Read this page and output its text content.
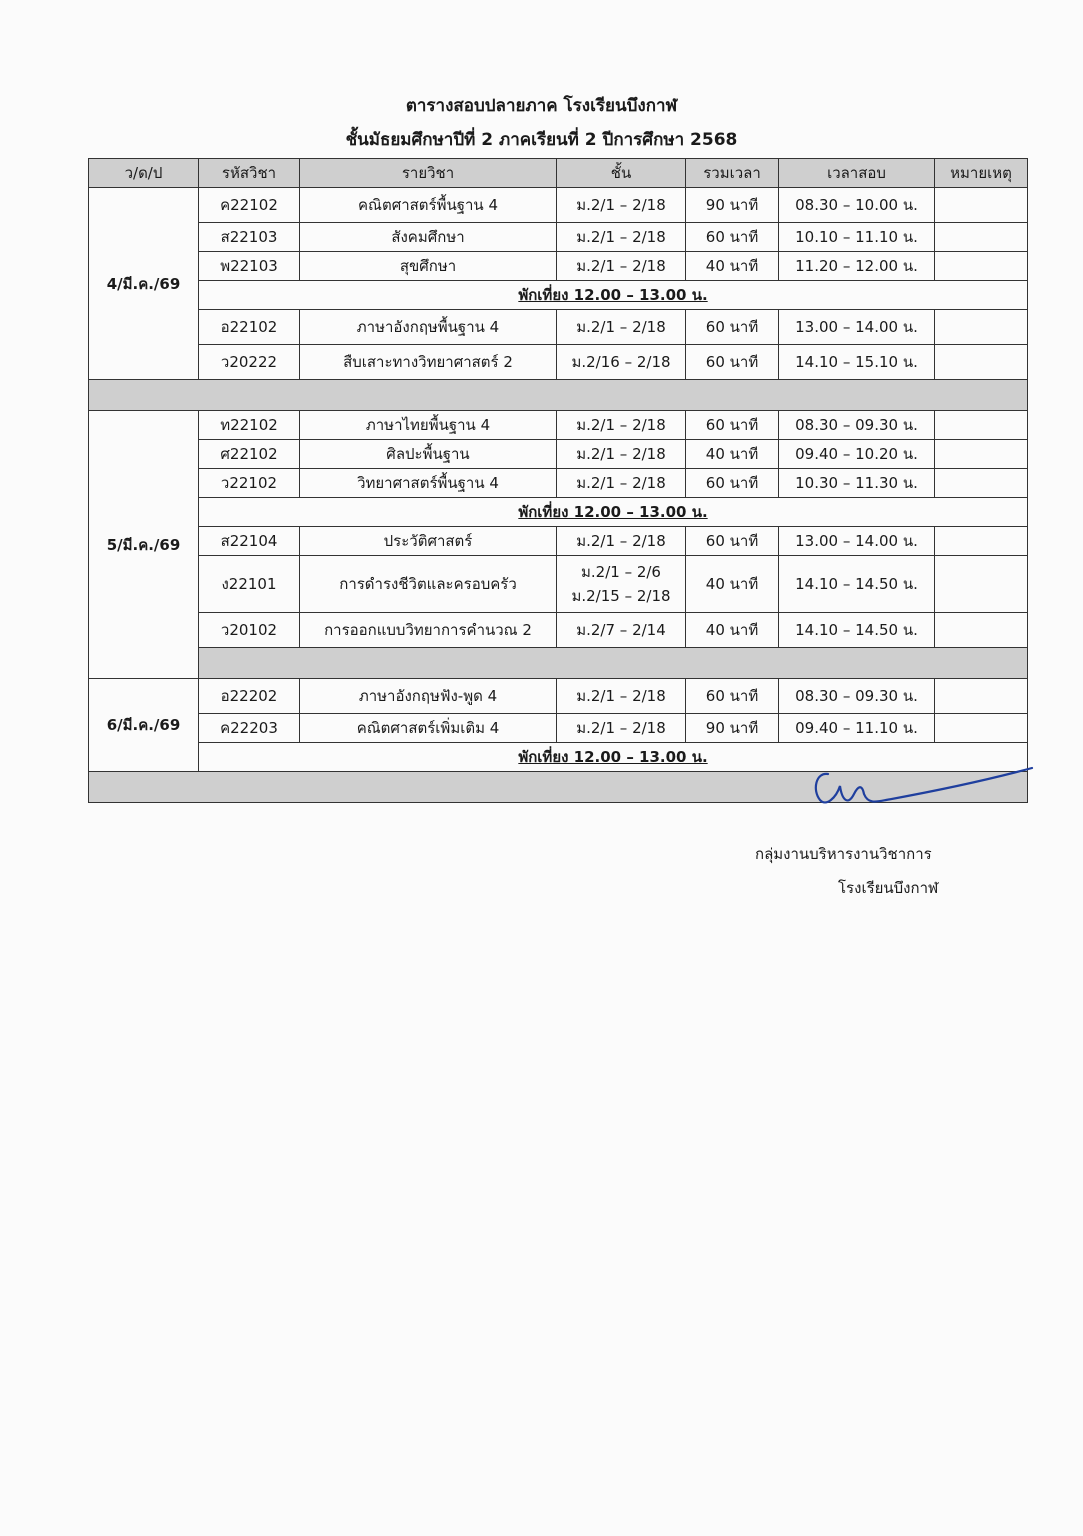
ตารางสอบปลายภาค โรงเรียนบึงกาฬ
ชั้นมัธยมศึกษาปีที่ 2 ภาคเรียนที่ 2 ปีการศึกษา 2568
ว/ด/ป	รหัสวิชา	รายวิชา	ชั้น	รวมเวลา	เวลาสอบ	หมายเหตุ
4/มี.ค./69	ค22102	คณิตศาสตร์พื้นฐาน 4	ม.2/1 – 2/18	90 นาที	08.30 – 10.00 น.	
	ส22103	สังคมศึกษา	ม.2/1 – 2/18	60 นาที	10.10 – 11.10 น.	
	พ22103	สุขศึกษา	ม.2/1 – 2/18	40 นาที	11.20 – 12.00 น.	
	พักเที่ยง 12.00 – 13.00 น.					
	อ22102	ภาษาอังกฤษพื้นฐาน 4	ม.2/1 – 2/18	60 นาที	13.00 – 14.00 น.	
	ว20222	สืบเสาะทางวิทยาศาสตร์ 2	ม.2/16 – 2/18	60 นาที	14.10 – 15.10 น.	

5/มี.ค./69	ท22102	ภาษาไทยพื้นฐาน 4	ม.2/1 – 2/18	60 นาที	08.30 – 09.30 น.	
	ศ22102	ศิลปะพื้นฐาน	ม.2/1 – 2/18	40 นาที	09.40 – 10.20 น.	
	ว22102	วิทยาศาสตร์พื้นฐาน 4	ม.2/1 – 2/18	60 นาที	10.30 – 11.30 น.	
	พักเที่ยง 12.00 – 13.00 น.					
	ส22104	ประวัติศาสตร์	ม.2/1 – 2/18	60 นาที	13.00 – 14.00 น.	
	ง22101	การดำรงชีวิตและครอบครัว	ม.2/1 – 2/6
ม.2/15 – 2/18	40 นาที	14.10 – 14.50 น.	
	ว20102	การออกแบบวิทยาการคำนวณ 2	ม.2/7 – 2/14	40 นาที	14.10 – 14.50 น.	

6/มี.ค./69	อ22202	ภาษาอังกฤษฟัง-พูด 4	ม.2/1 – 2/18	60 นาที	08.30 – 09.30 น.	
	ค22203	คณิตศาสตร์เพิ่มเติม 4	ม.2/1 – 2/18	90 นาที	09.40 – 11.10 น.	
	พักเที่ยง 12.00 – 13.00 น.					

กลุ่มงานบริหารงานวิชาการ
โรงเรียนบึงกาฬ
